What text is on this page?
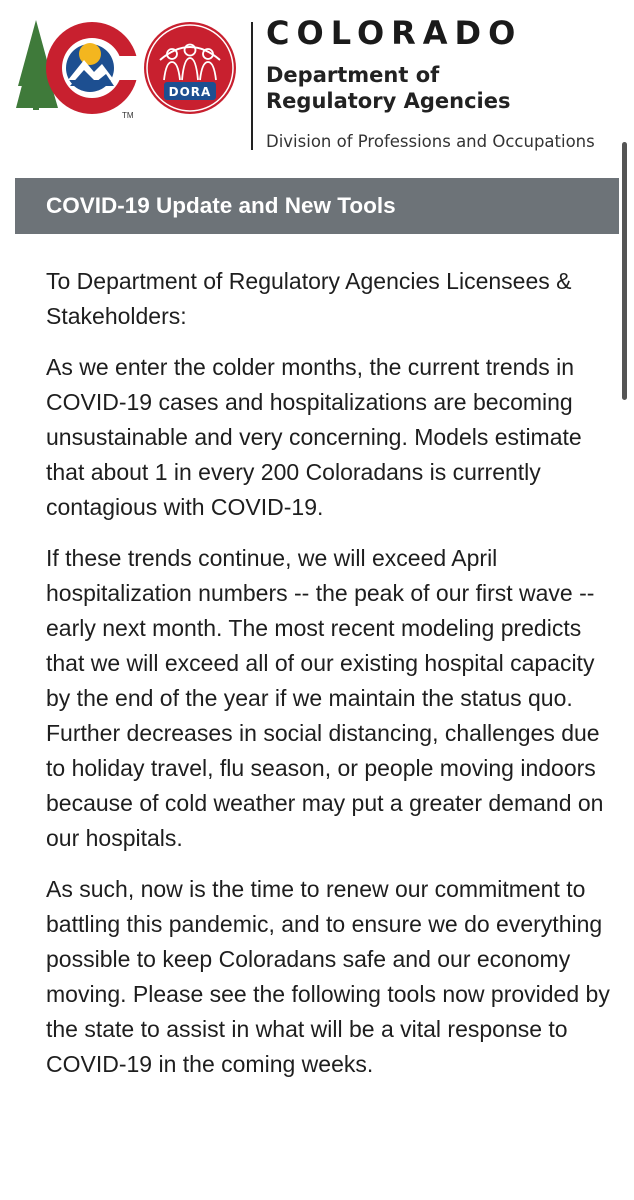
TM
DORA
COLORADO
Department of
Regulatory Agencies
Division of Professions and Occupations
COVID-19 Update and New Tools

To Department of Regulatory Agencies Licensees & Stakeholders:

As we enter the colder months, the current trends in COVID-19 cases and hospitalizations are becoming unsustainable and very concerning. Models estimate that about 1 in every 200 Coloradans is currently contagious with COVID-19.

If these trends continue, we will exceed April hospitalization numbers -- the peak of our first wave -- early next month. The most recent modeling predicts that we will exceed all of our existing hospital capacity by the end of the year if we maintain the status quo. Further decreases in social distancing, challenges due to holiday travel, flu season, or people moving indoors because of cold weather may put a greater demand on our hospitals.

As such, now is the time to renew our commitment to battling this pandemic, and to ensure we do everything possible to keep Coloradans safe and our economy moving. Please see the following tools now provided by the state to assist in what will be a vital response to COVID-19 in the coming weeks.
